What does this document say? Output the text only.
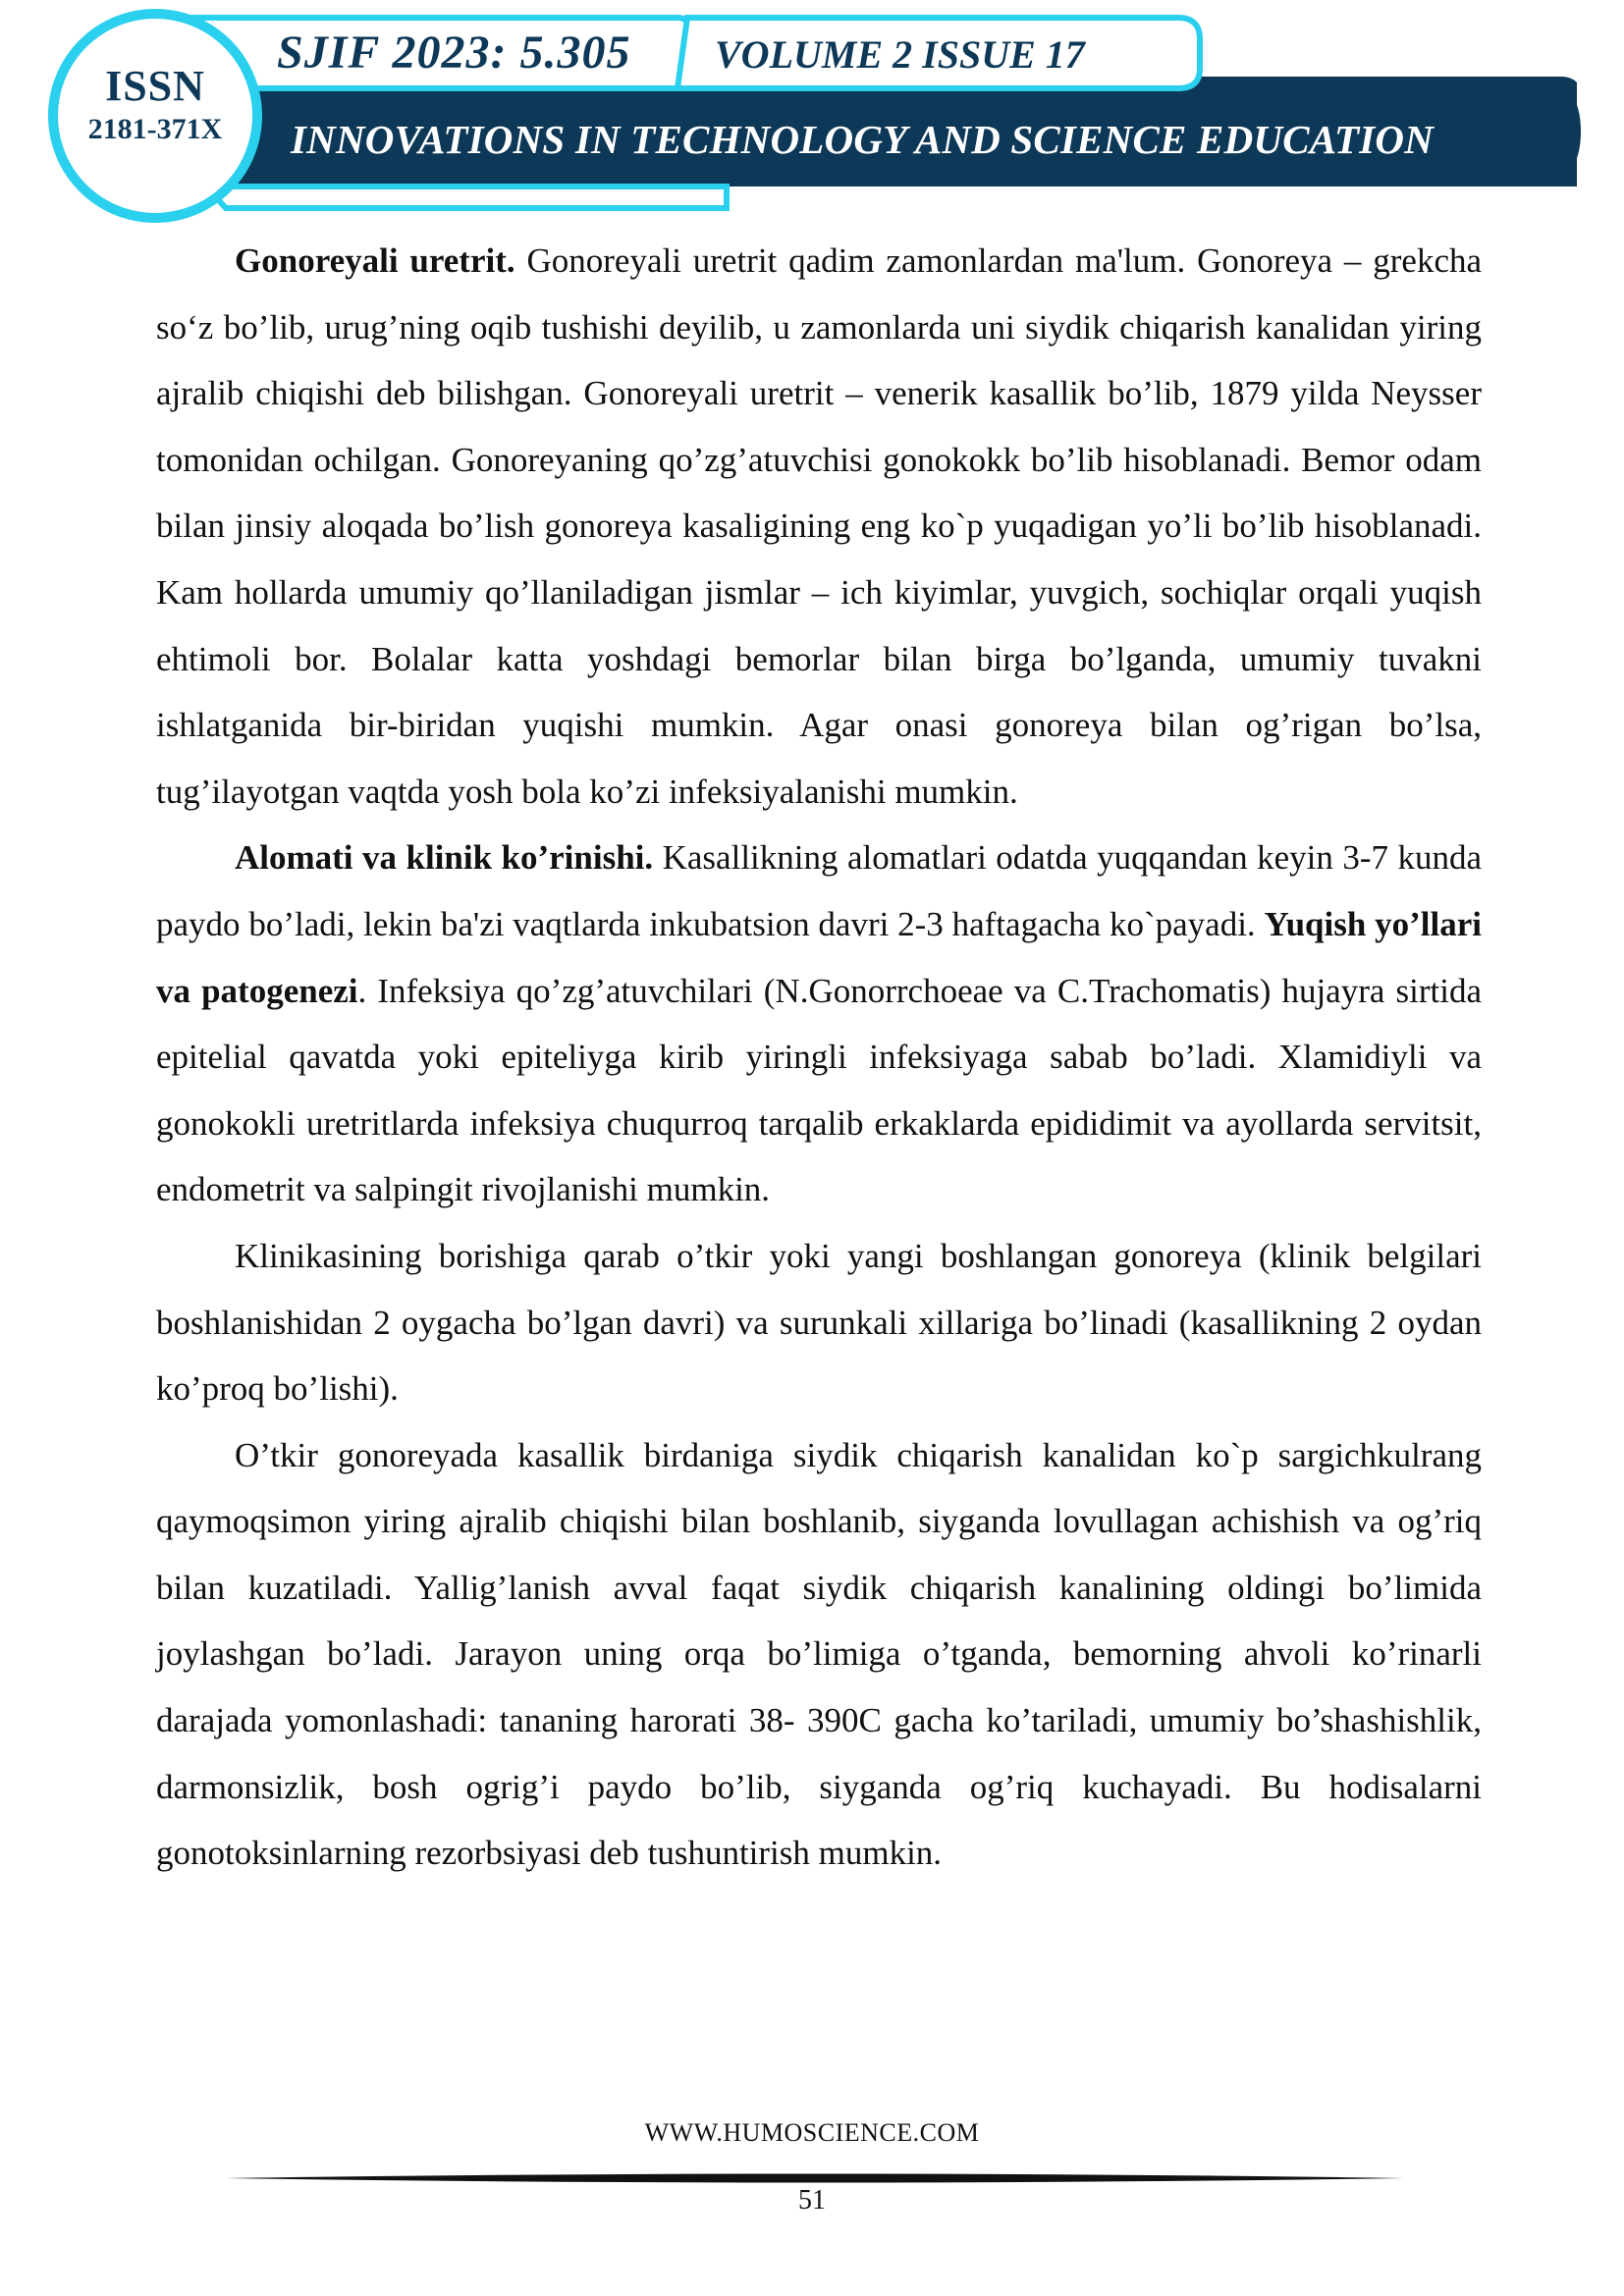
ISSN
2181-371X
SJIF 2023: 5.305 VOLUME 2 ISSUE 17
INNOVATIONS IN TECHNOLOGY AND SCIENCE EDUCATION

Gonoreyali uretrit. Gonoreyali uretrit qadim zamonlardan ma'lum. Gonoreya – grekcha so‘z bo’lib, urug’ning oqib tushishi deyilib, u zamonlarda uni siydik chiqarish kanalidan yiring ajralib chiqishi deb bilishgan. Gonoreyali uretrit – venerik kasallik bo’lib, 1879 yilda Neysser tomonidan ochilgan. Gonoreyaning qo’zg’atuvchisi gonokokk bo’lib hisoblanadi. Bemor odam bilan jinsiy aloqada bo’lish gonoreya kasaligining eng ko`p yuqadigan yo’li bo’lib hisoblanadi. Kam hollarda umumiy qo’llaniladigan jismlar – ich kiyimlar, yuvgich, sochiqlar orqali yuqish ehtimoli bor. Bolalar katta yoshdagi bemorlar bilan birga bo’lganda, umumiy tuvakni ishlatganida bir-biridan yuqishi mumkin. Agar onasi gonoreya bilan og’rigan bo’lsa, tug’ilayotgan vaqtda yosh bola ko’zi infeksiyalanishi mumkin.

Alomati va klinik ko’rinishi. Kasallikning alomatlari odatda yuqqandan keyin 3-7 kunda paydo bo’ladi, lekin ba'zi vaqtlarda inkubatsion davri 2-3 haftagacha ko`payadi. Yuqish yo’llari va patogenezi. Infeksiya qo’zg’atuvchilari (N.Gonorrchoeae va C.Trachomatis) hujayra sirtida epitelial qavatda yoki epiteliyga kirib yiringli infeksiyaga sabab bo’ladi. Xlamidiyli va gonokokli uretritlarda infeksiya chuqurroq tarqalib erkaklarda epididimit va ayollarda servitsit, endometrit va salpingit rivojlanishi mumkin.

Klinikasining borishiga qarab o’tkir yoki yangi boshlangan gonoreya (klinik belgilari boshlanishidan 2 oygacha bo’lgan davri) va surunkali xillariga bo’linadi (kasallikning 2 oydan ko’proq bo’lishi).

O’tkir gonoreyada kasallik birdaniga siydik chiqarish kanalidan ko`p sargichkulrang qaymoqsimon yiring ajralib chiqishi bilan boshlanib, siyganda lovullagan achishish va og’riq bilan kuzatiladi. Yallig’lanish avval faqat siydik chiqarish kanalining oldingi bo’limida joylashgan bo’ladi. Jarayon uning orqa bo’limiga o’tganda, bemorning ahvoli ko’rinarli darajada yomonlashadi: tananing harorati 38- 390C gacha ko’tariladi, umumiy bo’shashishlik, darmonsizlik, bosh ogrig’i paydo bo’lib, siyganda og’riq kuchayadi. Bu hodisalarni gonotoksinlarning rezorbsiyasi deb tushuntirish mumkin.

WWW.HUMOSCIENCE.COM
51
